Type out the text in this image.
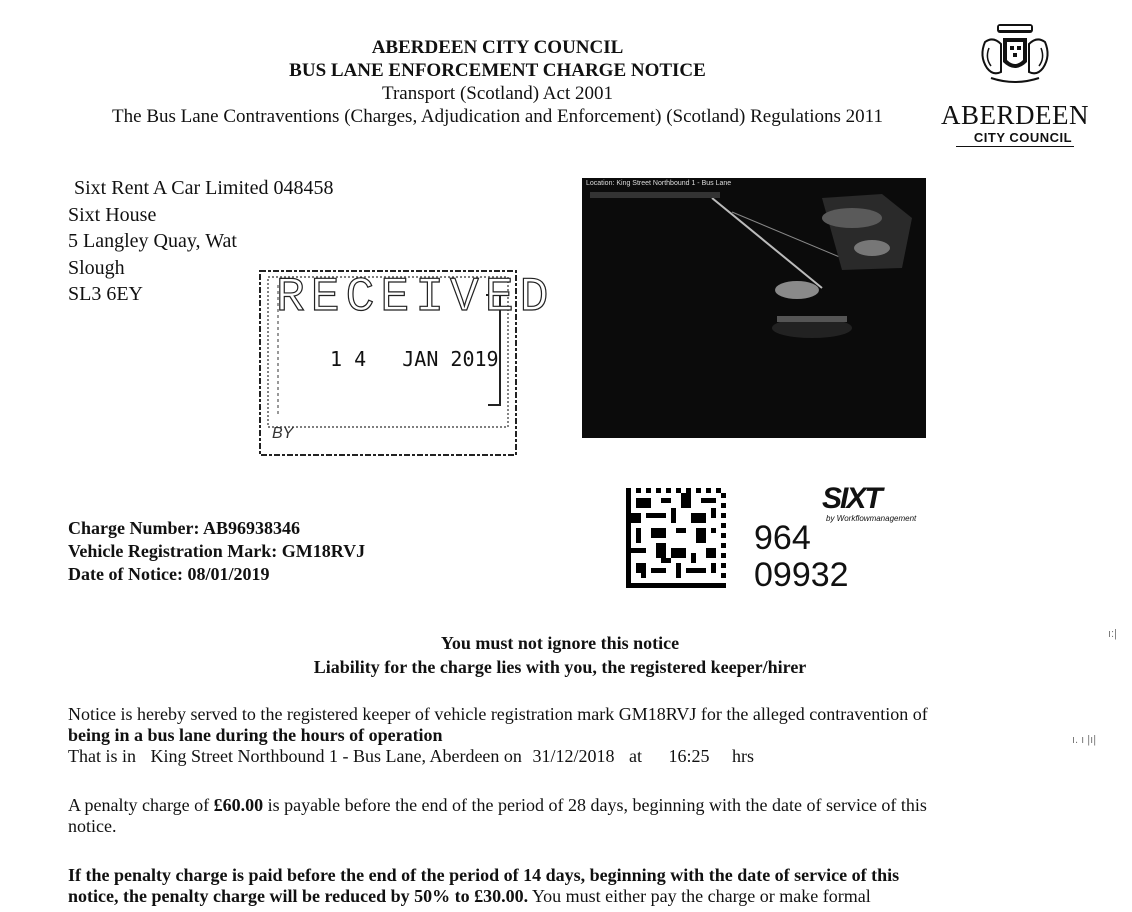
ABERDEEN CITY COUNCIL
BUS LANE ENFORCEMENT CHARGE NOTICE
Transport (Scotland) Act 2001
The Bus Lane Contraventions (Charges, Adjudication and Enforcement) (Scotland) Regulations 2011	ABERDEEN
CITY COUNCIL
Sixt Rent A Car Limited 048458
Sixt House
5 Langley Quay, Wat
Slough
SL3 6EY	RECEIVED
1 4   JAN 2019
BY
Location: King Street Northbound 1 - Bus Lane
Charge Number: AB96938346
Vehicle Registration Mark: GM18RVJ
Date of Notice: 08/01/2019
SIXT
by Workflowmanagement
964
09932
You must not ignore this notice
Liability for the charge lies with you, the registered keeper/hirer
Notice is hereby served to the registered keeper of vehicle registration mark GM18RVJ for the alleged contravention of
being in a bus lane during the hours of operation
That is in King Street Northbound 1 - Bus Lane, Aberdeen on 31/12/2018 at 16:25 hrs
A penalty charge of £60.00 is payable before the end of the period of 28 days, beginning with the date of service of this
notice.
If the penalty charge is paid before the end of the period of 14 days, beginning with the date of service of this
notice, the penalty charge will be reduced by 50% to £30.00. You must either pay the charge or make formal
ı:|
ı. ı |ı|
